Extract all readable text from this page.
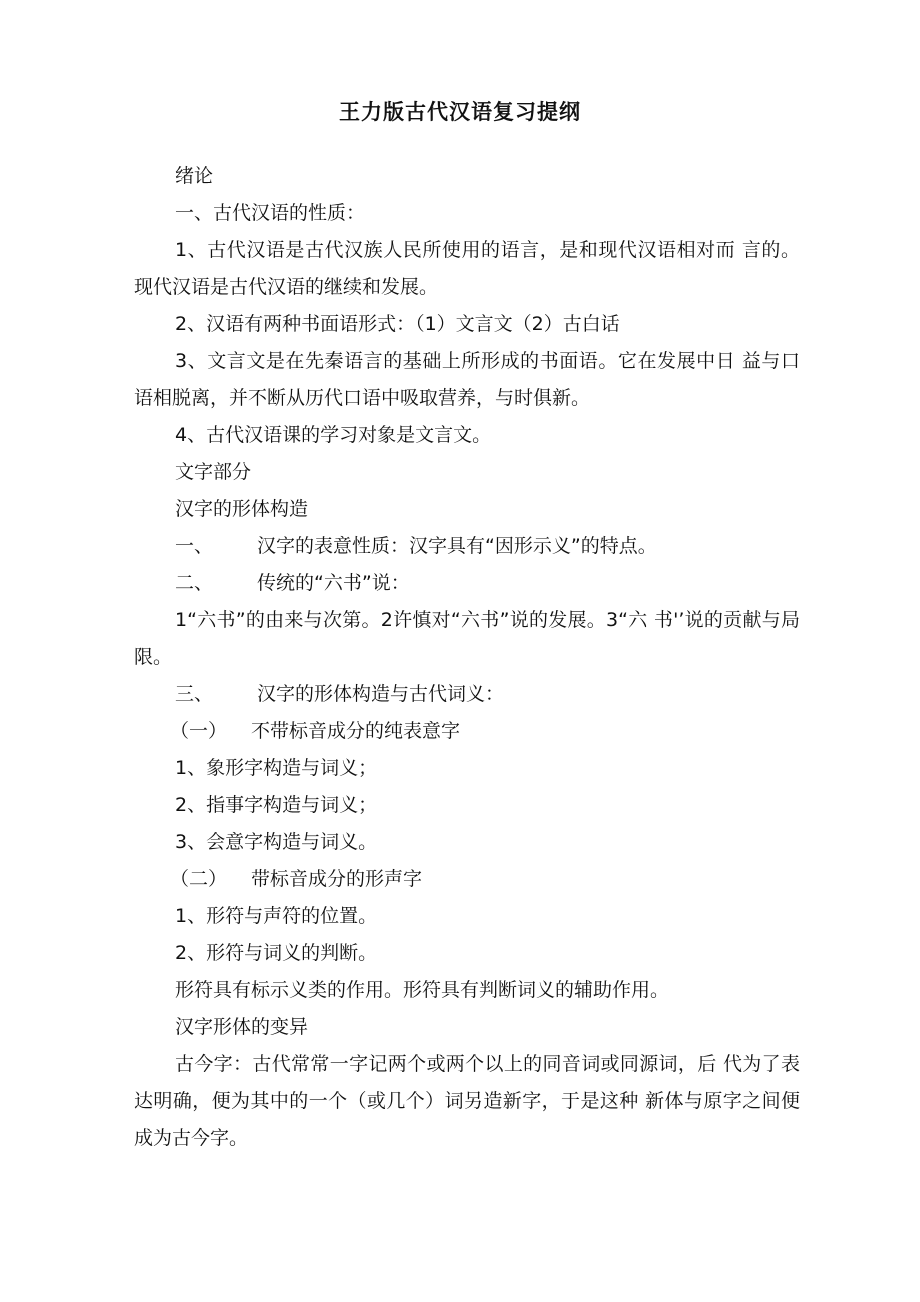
王力版古代汉语复习提纲

绪论

一、古代汉语的性质：

1、古代汉语是古代汉族人民所使用的语言，是和现代汉语相对而 言的。现代汉语是古代汉语的继续和发展。

2、汉语有两种书面语形式：（1）文言文（2）古白话

3、文言文是在先秦语言的基础上所形成的书面语。它在发展中日 益与口语相脱离，并不断从历代口语中吸取营养，与时俱新。

4、古代汉语课的学习对象是文言文。

文字部分

汉字的形体构造

一、 汉字的表意性质：汉字具有“因形示义”的特点。

二、 传统的“六书”说：

1“六书”的由来与次第。2许慎对“六书”说的发展。3“六 书'’说的贡献与局限。

三、 汉字的形体构造与古代词义：

（一） 不带标音成分的纯表意字

1、象形字构造与词义；

2、指事字构造与词义；

3、会意字构造与词义。

（二） 带标音成分的形声字

1、形符与声符的位置。

2、形符与词义的判断。

形符具有标示义类的作用。形符具有判断词义的辅助作用。

汉字形体的变异

古今字：古代常常一字记两个或两个以上的同音词或同源词，后 代为了表达明确，便为其中的一个（或几个）词另造新字，于是这种 新体与原字之间便成为古今字。
